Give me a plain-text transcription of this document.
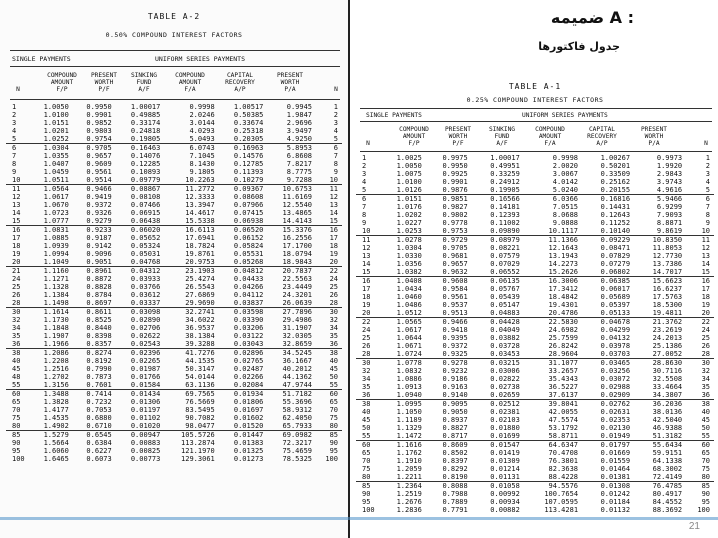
TABLE A-2
0.50% COMPOUND INTEREST FACTORS
SINGLE PAYMENTS	UNIFORM SERIES PAYMENTS

N
COMPOUND
AMOUNT
F/P
PRESENT
WORTH
P/F
SINKING
FUND
A/F
COMPOUND
AMOUNT
F/A
CAPITAL
RECOVERY
A/P
PRESENT
WORTH
P/A

	N
1	1.0050	0.9950	1.00017	0.9998	1.00517	0.9945	1
2	1.0100	0.9901	0.49885	2.0246	0.50385	1.9847	2
3	1.0151	0.9852	0.33174	3.0144	0.33674	2.9696	3
4	1.0201	0.9803	0.24818	4.0293	0.25318	3.9497	4
5	1.0252	0.9754	0.19805	5.0493	0.20305	4.9250	5
6	1.0304	0.9705	0.16463	6.0743	0.16963	5.8953	6
7	1.0355	0.9657	0.14076	7.1045	0.14576	6.8608	7
8	1.0407	0.9609	0.12285	8.1430	0.12785	7.8217	8
9	1.0459	0.9561	0.10893	9.1805	0.11393	8.7775	9
10	1.0511	0.9514	0.09779	10.2263	0.10279	9.7288	10
11	1.0564	0.9466	0.08867	11.2772	0.09367	10.6753	11
12	1.0617	0.9419	0.08108	12.3333	0.08608	11.6169	12
13	1.0670	0.9372	0.07466	13.3947	0.07966	12.5540	13
14	1.0723	0.9326	0.06915	14.4617	0.07415	13.4865	14
15	1.0777	0.9279	0.06438	15.5338	0.06938	14.4143	15
16	1.0831	0.9233	0.06020	16.6113	0.06520	15.3376	16
17	1.0885	0.9187	0.05652	17.6941	0.06152	16.2556	17
18	1.0939	0.9142	0.05324	18.7824	0.05824	17.1700	18
19	1.0994	0.9096	0.05031	19.8761	0.05531	18.0794	19
20	1.1049	0.9051	0.04768	20.9753	0.05268	18.9843	20
21	1.1160	0.8961	0.04312	23.1903	0.04812	20.7837	22
24	1.1271	0.8872	0.03933	25.4274	0.04433	22.5563	24
25	1.1328	0.8828	0.03766	26.5543	0.04266	23.4449	25
26	1.1384	0.8784	0.03612	27.6869	0.04112	24.3201	26
28	1.1498	0.8697	0.03337	29.9690	0.03837	26.0639	28
30	1.1614	0.8611	0.03098	32.2741	0.03598	27.7896	30
32	1.1730	0.8525	0.02890	34.6022	0.03390	29.4986	32
34	1.1848	0.8440	0.02706	36.9537	0.03206	31.1907	34
35	1.1907	0.8398	0.02622	38.1384	0.03122	32.0305	35
36	1.1966	0.8357	0.02543	39.3288	0.03043	32.8659	36
38	1.2086	0.8274	0.02396	41.7276	0.02896	34.5245	38
40	1.2208	0.8192	0.02265	44.1535	0.02765	36.1667	40
45	1.2516	0.7990	0.01987	50.3147	0.02487	40.2012	45
48	1.2702	0.7873	0.01766	54.0144	0.02266	44.1362	50
55	1.3156	0.7601	0.01584	63.1136	0.02084	47.9744	55
60	1.3488	0.7414	0.01434	69.7565	0.01934	51.7182	60
65	1.3828	0.7232	0.01306	76.5669	0.01806	55.3696	65
70	1.4177	0.7053	0.01197	83.5495	0.01697	58.9312	70
75	1.4535	0.6880	0.01102	90.7082	0.01602	62.4050	75
80	1.4902	0.6710	0.01020	98.0477	0.01520	65.7933	80
85	1.5279	0.6545	0.00947	105.5726	0.01447	69.0982	85
90	1.5664	0.6384	0.00883	113.2874	0.01383	72.3217	90
95	1.6060	0.6227	0.00825	121.1970	0.01325	75.4659	95
100	1.6465	0.6073	0.00773	129.3061	0.01273	78.5325	100
ضمیمه A :
جدول فاکتورها
TABLE A-1
0.25% COMPOUND INTEREST FACTORS
SINGLE PAYMENTS	UNIFORM SERIES PAYMENTS

N
COMPOUND
AMOUNT
F/P
PRESENT
WORTH
P/F
SINKING
FUND
A/F
COMPOUND
AMOUNT
F/A
CAPITAL
RECOVERY
A/P
PRESENT
WORTH
P/A

	N
1	1.0025	0.9975	1.00017	0.9998	1.00267	0.9973	1
2	1.0050	0.9950	0.49951	2.0020	0.50201	1.9920	2
3	1.0075	0.9925	0.33259	3.0067	0.33509	2.9843	3
4	1.0100	0.9901	0.24912	4.0142	0.25162	3.9743	4
5	1.0126	0.9876	0.19905	5.0240	0.20155	4.9616	5
6	1.0151	0.9851	0.16566	6.0366	0.16816	5.9466	6
7	1.0176	0.9827	0.14181	7.0515	0.14431	6.9299	7
8	1.0202	0.9802	0.12393	8.0688	0.12643	7.9093	8
9	1.0227	0.9778	0.11002	9.0888	0.11252	8.8871	9
10	1.0253	0.9753	0.09890	10.1117	0.10140	9.8619	10
11	1.0278	0.9729	0.08979	11.1366	0.09229	10.8350	11
12	1.0304	0.9705	0.08221	12.1643	0.08471	11.8053	12
13	1.0330	0.9681	0.07579	13.1943	0.07829	12.7730	13
14	1.0356	0.9657	0.07029	14.2273	0.07279	13.7386	14
15	1.0382	0.9632	0.06552	15.2626	0.06802	14.7017	15
16	1.0408	0.9608	0.06135	16.3006	0.06385	15.6623	16
17	1.0434	0.9584	0.05767	17.3412	0.06017	16.6237	17
18	1.0460	0.9561	0.05439	18.4842	0.05689	17.5763	18
19	1.0486	0.9537	0.05147	19.4301	0.05397	18.5300	19
20	1.0512	0.9513	0.04883	20.4786	0.05133	19.4811	20
22	1.0565	0.9466	0.04428	22.5830	0.04678	21.3762	22
24	1.0617	0.9418	0.04049	24.6982	0.04299	23.2619	24
25	1.0644	0.9395	0.03882	25.7599	0.04132	24.2013	25
26	1.0671	0.9372	0.03728	26.8242	0.03978	25.1386	26
28	1.0724	0.9325	0.03453	28.9604	0.03703	27.0052	28
30	1.0778	0.9278	0.03215	31.1077	0.03465	28.8630	30
32	1.0832	0.9232	0.03006	33.2657	0.03256	30.7116	32
34	1.0886	0.9186	0.02822	35.4343	0.03072	32.5508	34
35	1.0913	0.9163	0.02738	36.5227	0.02988	33.4664	35
36	1.0940	0.9140	0.02659	37.6137	0.02909	34.3807	36
38	1.0995	0.9095	0.02512	39.8041	0.02762	36.2036	38
40	1.1050	0.9050	0.02381	42.0055	0.02631	38.0136	40
45	1.1189	0.8937	0.02103	47.5574	0.02353	42.5040	45
50	1.1329	0.8827	0.01880	53.1792	0.02130	46.9388	50
55	1.1472	0.8717	0.01699	58.8711	0.01949	51.3182	55
60	1.1616	0.8609	0.01547	64.6347	0.01797	55.6434	60
65	1.1762	0.8502	0.01419	70.4708	0.01669	59.9151	65
70	1.1910	0.8397	0.01309	76.3801	0.01559	64.1338	70
75	1.2059	0.8292	0.01214	82.3638	0.01464	68.3002	75
80	1.2211	0.8190	0.01131	88.4228	0.01381	72.4149	80
85	1.2364	0.8088	0.01058	94.5576	0.01308	76.4785	85
90	1.2519	0.7988	0.00992	100.7654	0.01242	80.4917	90
95	1.2676	0.7889	0.00934	107.0595	0.01184	84.4552	95
100	1.2836	0.7791	0.00882	113.4281	0.01132	88.3692	100
21
